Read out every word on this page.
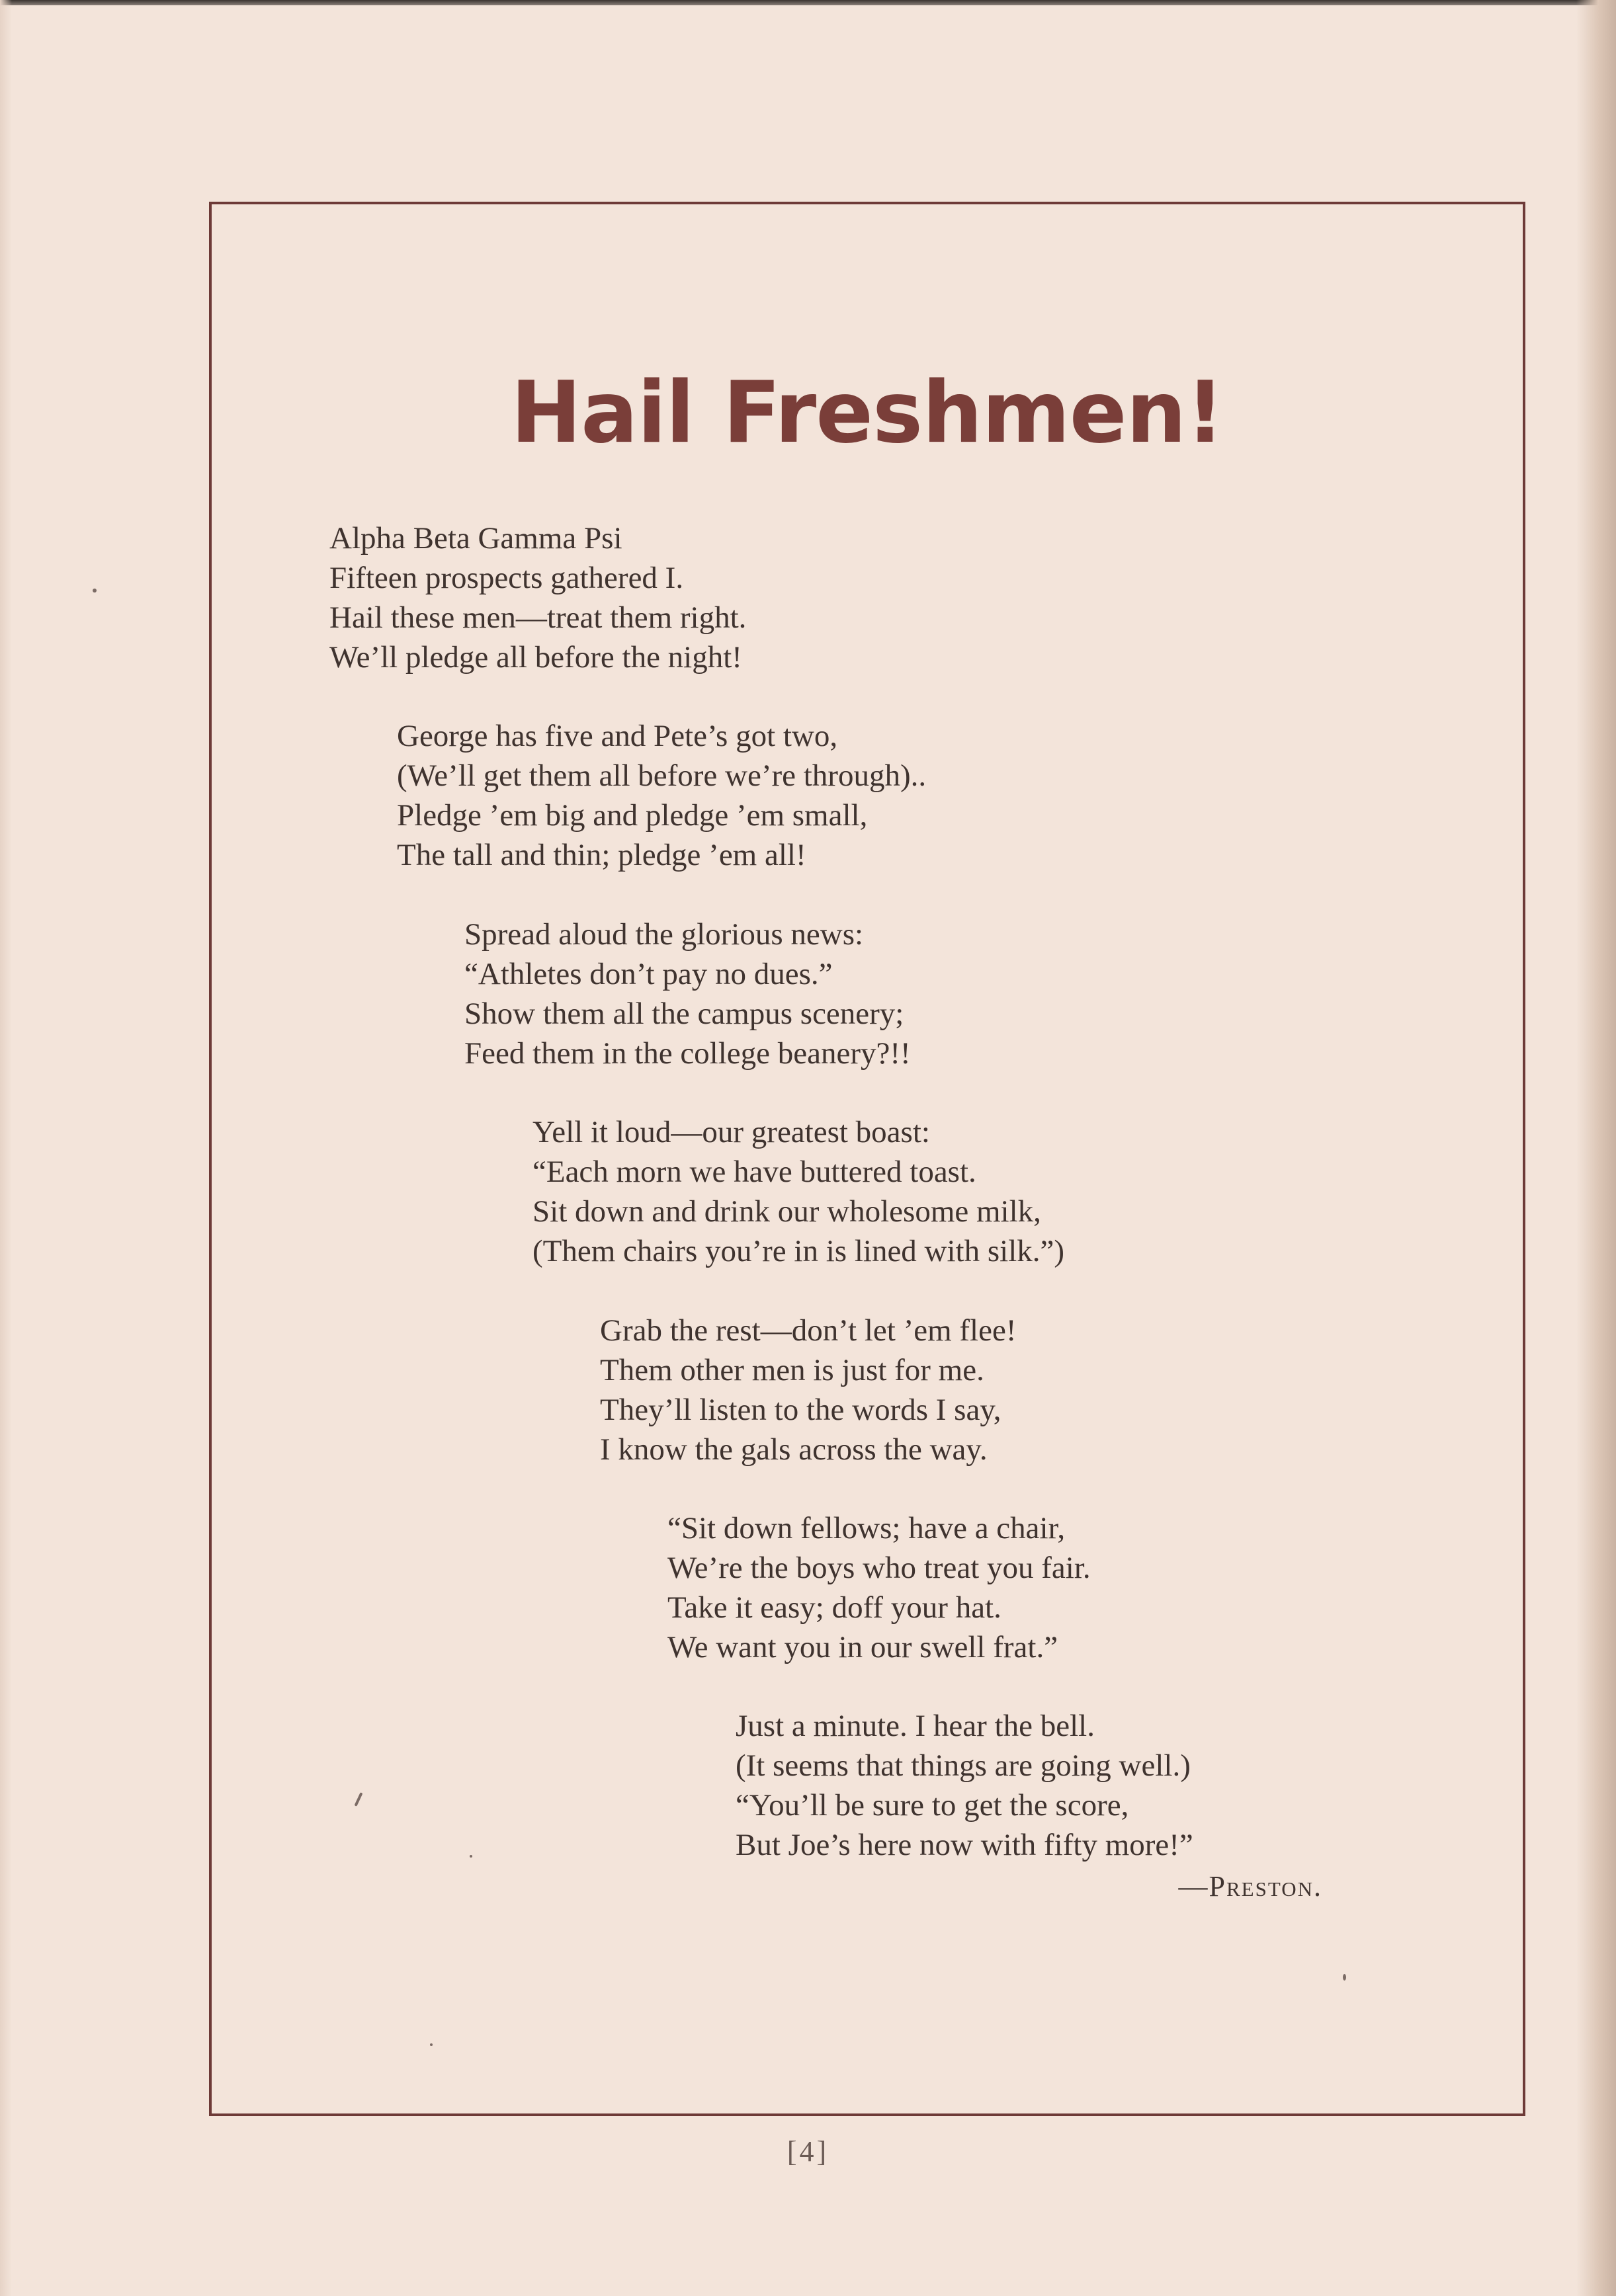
Hail Freshmen!
Alpha Beta Gamma Psi
Fifteen prospects gathered I.
Hail these men—treat them right.
We’ll pledge all before the night!
George has five and Pete’s got two,
(We’ll get them all before we’re through)..
Pledge ’em big and pledge ’em small,
The tall and thin; pledge ’em all!
Spread aloud the glorious news:
“Athletes don’t pay no dues.”
Show them all the campus scenery;
Feed them in the college beanery?!!
Yell it loud—our greatest boast:
“Each morn we have buttered toast.
Sit down and drink our wholesome milk,
(Them chairs you’re in is lined with silk.”)
Grab the rest—don’t let ’em flee!
Them other men is just for me.
They’ll listen to the words I say,
I know the gals across the way.
“Sit down fellows; have a chair,
We’re the boys who treat you fair.
Take it easy; doff your hat.
We want you in our swell frat.”
Just a minute. I hear the bell.
(It seems that things are going well.)
“You’ll be sure to get the score,
But Joe’s here now with fifty more!”
—Preston.
[4]
